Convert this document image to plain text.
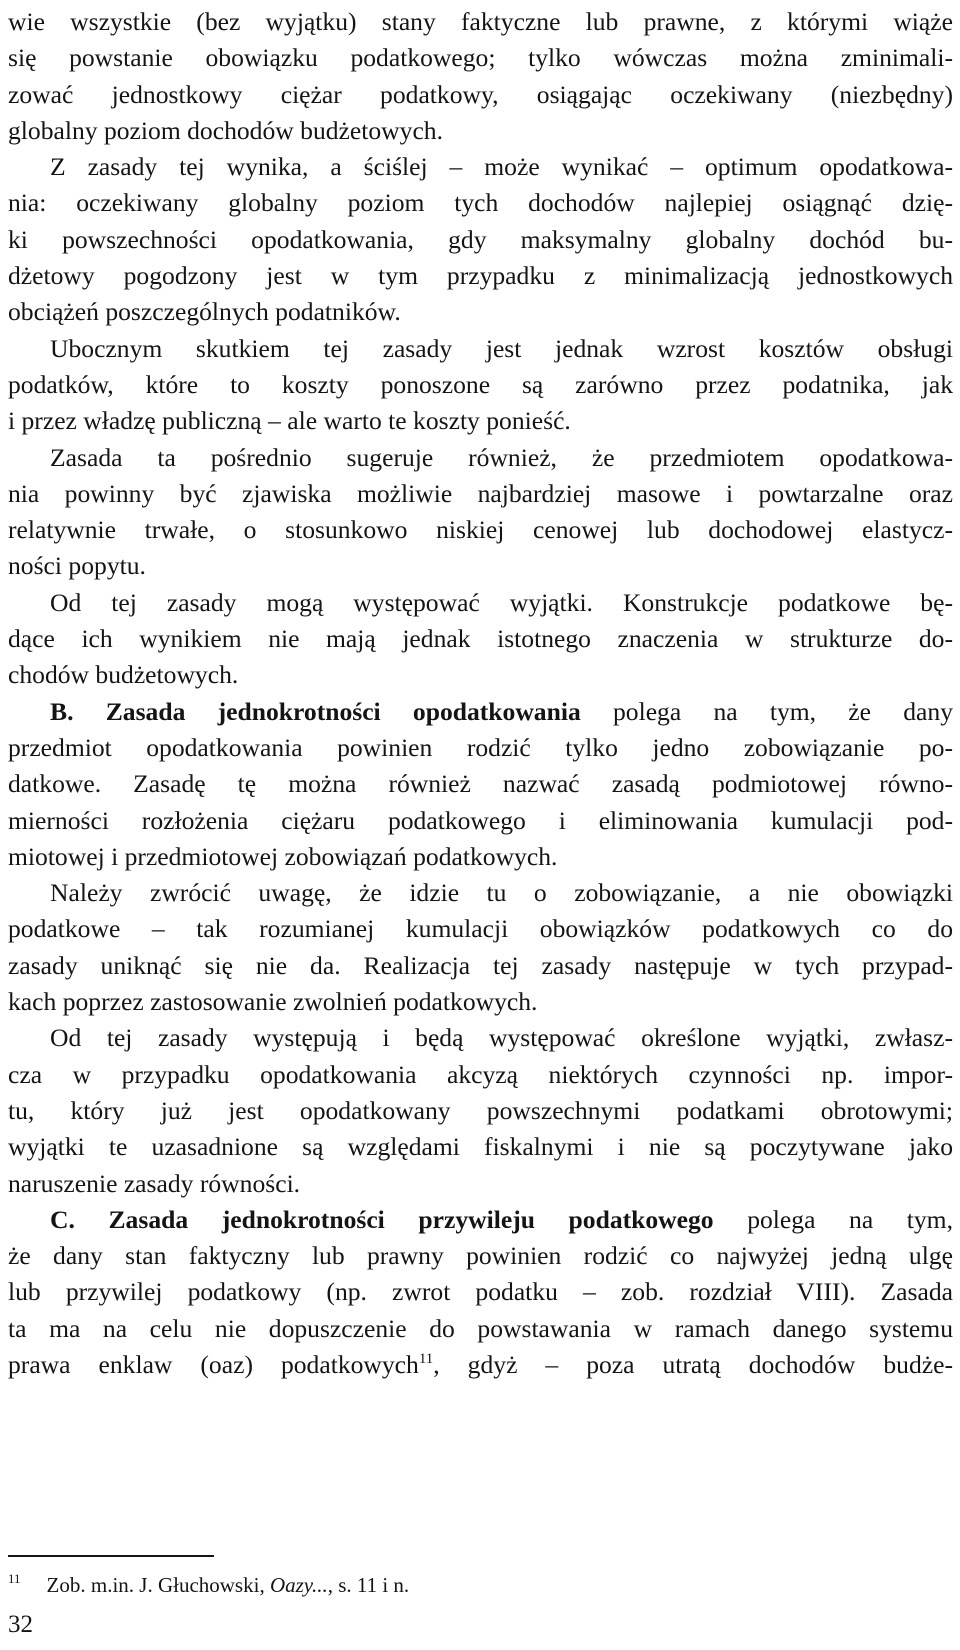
wie wszystkie (bez wyjątku) stany faktyczne lub prawne, z którymi wiąże
się powstanie obowiązku podatkowego; tylko wówczas można zminimali-
zować jednostkowy ciężar podatkowy, osiągając oczekiwany (niezbędny)
globalny poziom dochodów budżetowych.
Z zasady tej wynika, a ściślej – może wynikać – optimum opodatkowa-
nia: oczekiwany globalny poziom tych dochodów najlepiej osiągnąć dzię-
ki powszechności opodatkowania, gdy maksymalny globalny dochód bu-
dżetowy pogodzony jest w tym przypadku z minimalizacją jednostkowych
obciążeń poszczególnych podatników.
Ubocznym skutkiem tej zasady jest jednak wzrost kosztów obsługi
podatków, które to koszty ponoszone są zarówno przez podatnika, jak
i przez władzę publiczną – ale warto te koszty ponieść.
Zasada ta pośrednio sugeruje również, że przedmiotem opodatkowa-
nia powinny być zjawiska możliwie najbardziej masowe i powtarzalne oraz
relatywnie trwałe, o stosunkowo niskiej cenowej lub dochodowej elastycz-
ności popytu.
Od tej zasady mogą występować wyjątki. Konstrukcje podatkowe bę-
dące ich wynikiem nie mają jednak istotnego znaczenia w strukturze do-
chodów budżetowych.
B. Zasada jednokrotności opodatkowania polega na tym, że dany
przedmiot opodatkowania powinien rodzić tylko jedno zobowiązanie po-
datkowe. Zasadę tę można również nazwać zasadą podmiotowej równo-
mierności rozłożenia ciężaru podatkowego i eliminowania kumulacji pod-
miotowej i przedmiotowej zobowiązań podatkowych.
Należy zwrócić uwagę, że idzie tu o zobowiązanie, a nie obowiązki
podatkowe – tak rozumianej kumulacji obowiązków podatkowych co do
zasady uniknąć się nie da. Realizacja tej zasady następuje w tych przypad-
kach poprzez zastosowanie zwolnień podatkowych.
Od tej zasady występują i będą występować określone wyjątki, zwłasz-
cza w przypadku opodatkowania akcyzą niektórych czynności np. impor-
tu, który już jest opodatkowany powszechnymi podatkami obrotowymi;
wyjątki te uzasadnione są względami fiskalnymi i nie są poczytywane jako
naruszenie zasady równości.
C. Zasada jednokrotności przywileju podatkowego polega na tym,
że dany stan faktyczny lub prawny powinien rodzić co najwyżej jedną ulgę
lub przywilej podatkowy (np. zwrot podatku – zob. rozdział VIII). Zasada
ta ma na celu nie dopuszczenie do powstawania w ramach danego systemu
prawa enklaw (oaz) podatkowych$^{11}$, gdyż – poza utratą dochodów budże-
$^{11}$ Zob. m.in. J. Głuchowski, Oazy..., s. 11 i n.
32
